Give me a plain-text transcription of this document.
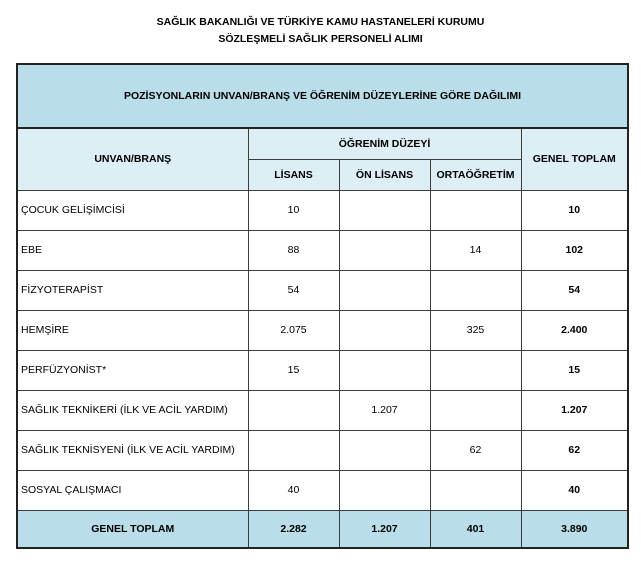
SAĞLIK BAKANLIĞI VE TÜRKİYE KAMU HASTANELERİ KURUMU
SÖZLEŞMELİ SAĞLIK PERSONELİ ALIMI
POZİSYONLARIN UNVAN/BRANŞ VE ÖĞRENİM DÜZEYLERİNE GÖRE DAĞILIMI				
UNVAN/BRANŞ	ÖĞRENİM DÜZEYİ			GENEL TOPLAM
	LİSANS	ÖN LİSANS	ORTAÖĞRETİM	
ÇOCUK GELİŞİMCİSİ	10			10
EBE	88		14	102
FİZYOTERAPİST	54			54
HEMŞİRE	2.075		325	2.400
PERFÜZYONİST*	15			15
SAĞLIK TEKNİKERİ (İLK VE ACİL YARDIM)		1.207		1.207
SAĞLIK TEKNİSYENİ (İLK VE ACİL YARDIM)			62	62
SOSYAL ÇALIŞMACI	40			40
GENEL TOPLAM	2.282	1.207	401	3.890
